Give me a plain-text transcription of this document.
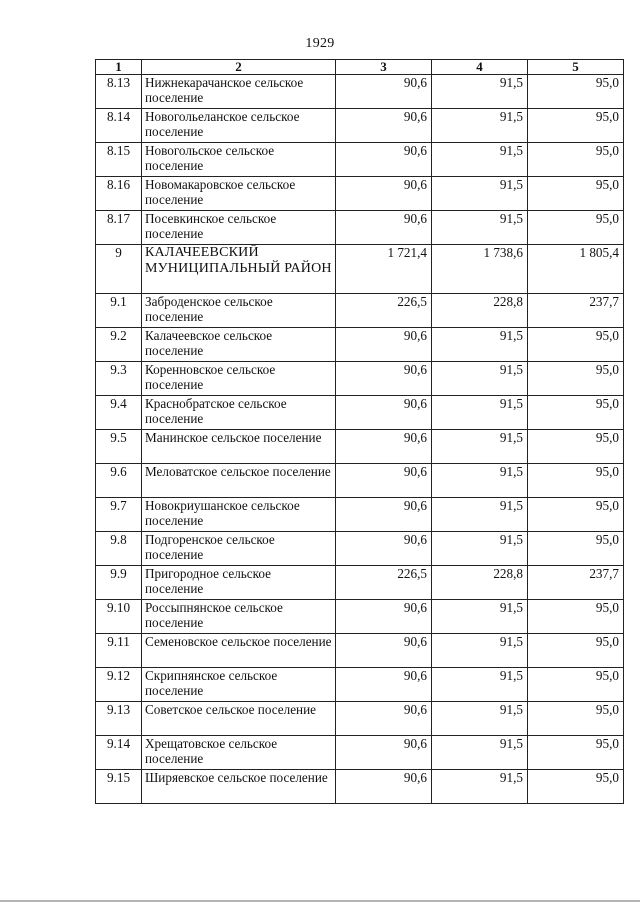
1929
1	2	3	4	5
8.13	Нижнекарачанское сельское поселение	90,6	91,5	95,0
8.14	Новогольеланское сельское поселение	90,6	91,5	95,0
8.15	Новогольское сельское поселение	90,6	91,5	95,0
8.16	Новомакаровское сельское поселение	90,6	91,5	95,0
8.17	Посевкинское сельское поселение	90,6	91,5	95,0
9	КАЛАЧЕЕВСКИЙ МУНИЦИПАЛЬНЫЙ РАЙОН	1 721,4	1 738,6	1 805,4
9.1	Заброденское сельское поселение	226,5	228,8	237,7
9.2	Калачеевское сельское поселение	90,6	91,5	95,0
9.3	Коренновское сельское поселение	90,6	91,5	95,0
9.4	Краснобратское сельское поселение	90,6	91,5	95,0
9.5	Манинское сельское поселение	90,6	91,5	95,0
9.6	Меловатское сельское поселение	90,6	91,5	95,0
9.7	Новокриушанское сельское поселение	90,6	91,5	95,0
9.8	Подгоренское сельское поселение	90,6	91,5	95,0
9.9	Пригородное сельское поселение	226,5	228,8	237,7
9.10	Россыпнянское сельское поселение	90,6	91,5	95,0
9.11	Семеновское сельское поселение	90,6	91,5	95,0
9.12	Скрипнянское сельское поселение	90,6	91,5	95,0
9.13	Советское сельское поселение	90,6	91,5	95,0
9.14	Хрещатовское сельское поселение	90,6	91,5	95,0
9.15	Ширяевское сельское поселение	90,6	91,5	95,0
